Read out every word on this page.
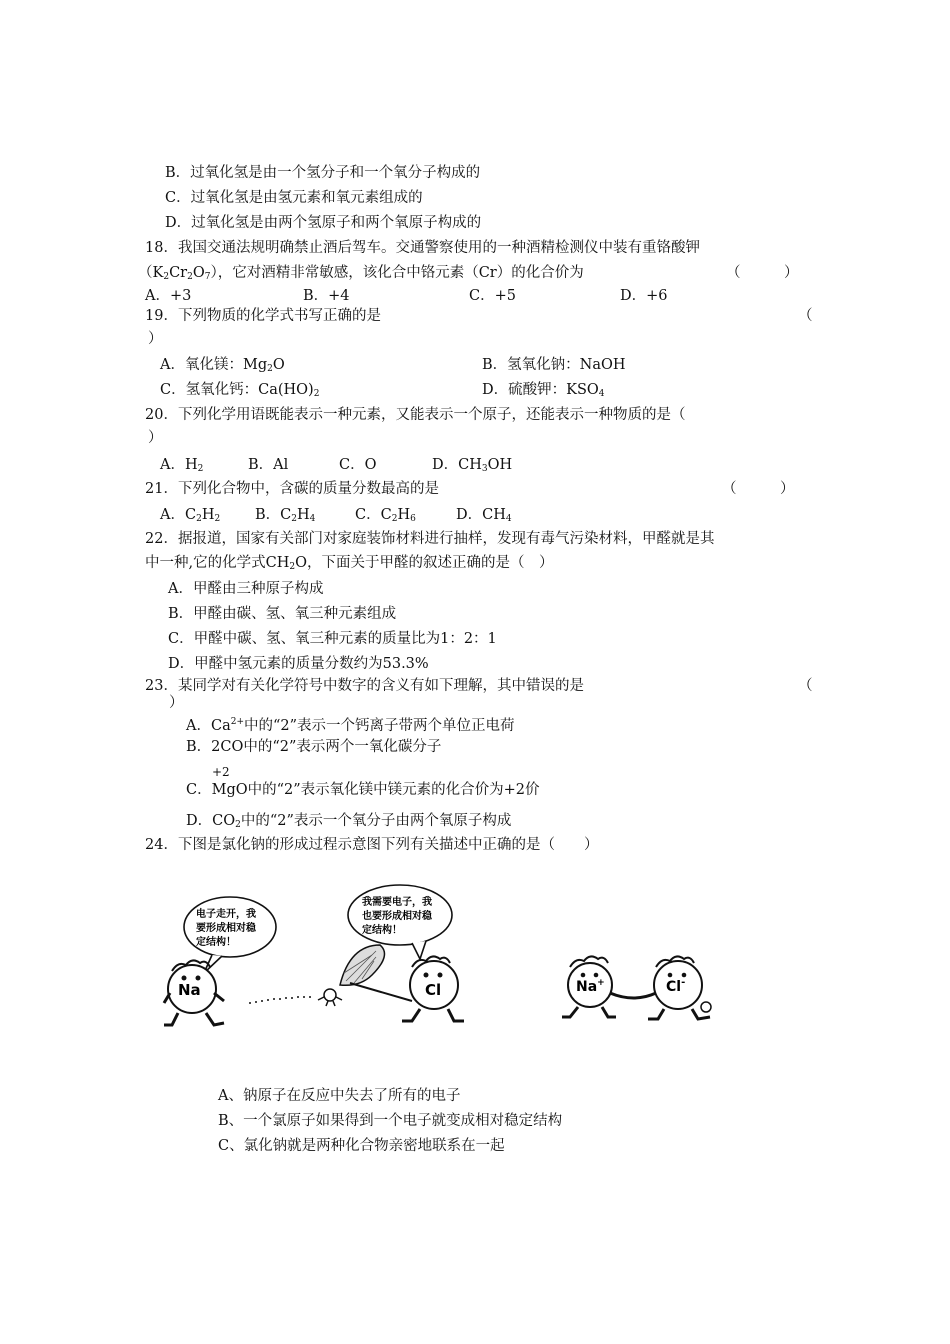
B．过氧化氢是由一个氢分子和一个氧分子构成的
C．过氧化氢是由氢元素和氧元素组成的
D．过氧化氢是由两个氢原子和两个氧原子构成的
18．我国交通法规明确禁止酒后驾车。交通警察使用的一种酒精检测仪中装有重铬酸钾
$(K_2Cr_2O_7)$，它对酒精非常敏感，该化合中铬元素（Cr）的化合价为	（　　　）
A．+3	B．+4	C．+5	D．+6
19．下列物质的化学式书写正确的是	（
）
A．氧化镁：$Mg_2O$	B．氢氧化钠：NaOH
C．氢氧化钙：$Ca(HO)_2$	D．硫酸钾：$KSO_4$
20．下列化学用语既能表示一种元素，又能表示一个原子，还能表示一种物质的是（
）
A．$H_2$	B．Al	C．O	D．$CH_3OH$
21．下列化合物中，含碳的质量分数最高的是	（　　　）
A．$C_2H_2$ B．$C_2H_4$	C．$C_2H_6$	D．$CH_4$
22．据报道，国家有关部门对家庭装饰材料进行抽样，发现有毒气污染材料，甲醛就是其
中一种,它的化学式$CH_2O$，下面关于甲醛的叙述正确的是（　）
A．甲醛由三种原子构成
B．甲醛由碳、氢、氧三种元素组成
C．甲醛中碳、氢、氧三种元素的质量比为1：2：1
D．甲醛中氢元素的质量分数约为53.3%
23．某同学对有关化学符号中数字的含义有如下理解，其中错误的是	（
）
A．$Ca^{2+}$中的“2”表示一个钙离子带两个单位正电荷
B．2CO中的“2”表示两个一氧化碳分子
+2
C．MgO中的“2”表示氧化镁中镁元素的化合价为+2价
D．$CO_2$中的“2”表示一个氧分子由两个氧原子构成
24．下图是氯化钠的形成过程示意图下列有关描述中正确的是（　　）
电子走开，我
要形成相对稳
定结构！
我需要电子，我
也要形成相对稳
定结构！
Na	Cl	Na+	Cl-
A、钠原子在反应中失去了所有的电子
B、一个氯原子如果得到一个电子就变成相对稳定结构
C、氯化钠就是两种化合物亲密地联系在一起
